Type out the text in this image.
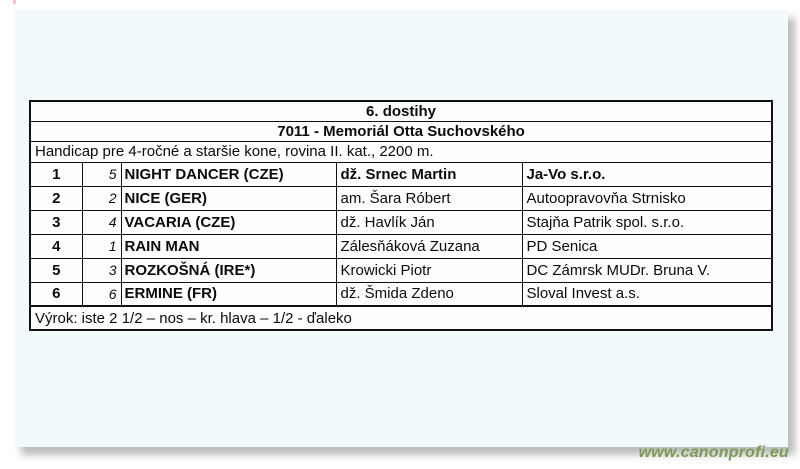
6. dostihy				
7011 - Memoriál Otta Suchovského				
Handicap pre 4-ročné a staršie kone, rovina II. kat., 2200 m.				
1	5	NIGHT DANCER (CZE)	dž. Srnec Martin	Ja-Vo s.r.o.
2	2	NICE (GER)	am. Šara Róbert	Autoopravovňa Strnisko
3	4	VACARIA (CZE)	dž. Havlík Ján	Stajňa Patrik spol. s.r.o.
4	1	RAIN MAN	Zálesňáková Zuzana	PD Senica
5	3	ROZKOŠNÁ (IRE*)	Krowicki Piotr	DC Zámrsk MUDr. Bruna V.
6	6	ERMINE (FR)	dž. Šmida Zdeno	Sloval Invest a.s.
Výrok: iste 2 1/2 – nos – kr. hlava – 1/2 - ďaleko				
www.canonprofi.eu
